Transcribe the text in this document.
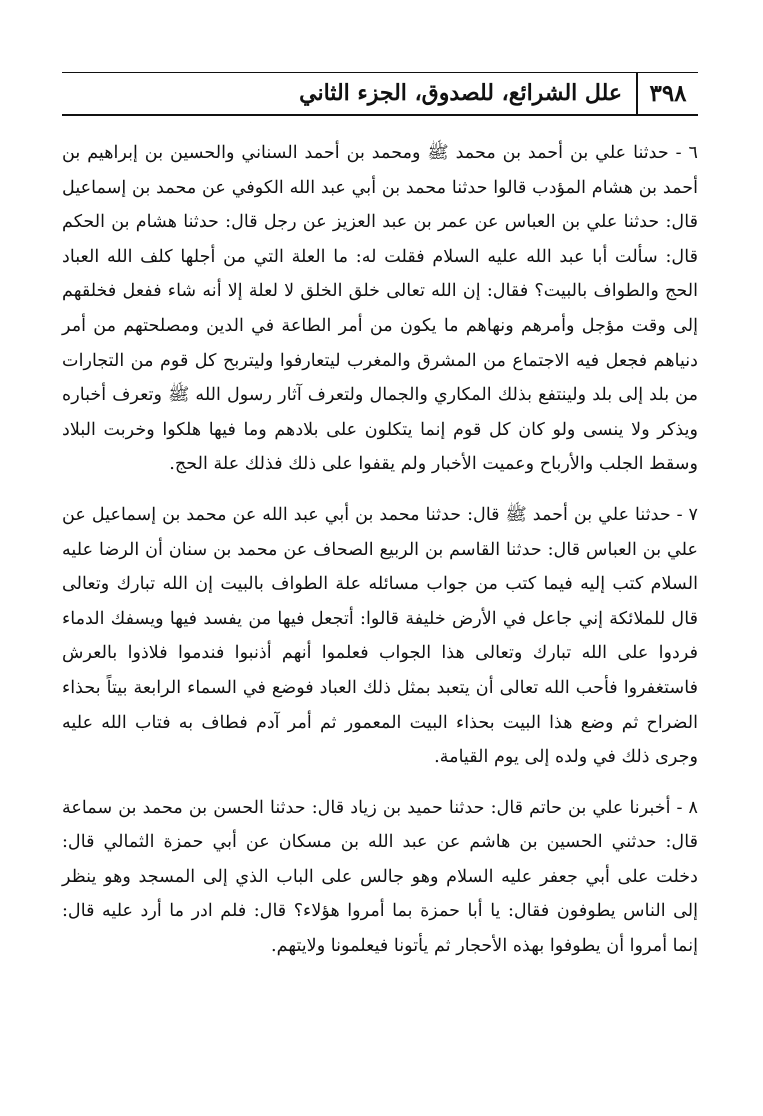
٣٩٨
علل الشرائع، للصدوق، الجزء الثاني

٦ - حدثنا علي بن أحمد بن محمد ﷺ ومحمد بن أحمد السناني والحسين بن إبراهيم بن أحمد بن هشام المؤدب قالوا حدثنا محمد بن أبي عبد الله الكوفي عن محمد بن إسماعيل قال: حدثنا علي بن العباس عن عمر بن عبد العزيز عن رجل قال: حدثنا هشام بن الحكم قال: سألت أبا عبد الله عليه السلام فقلت له: ما العلة التي من أجلها كلف الله العباد الحج والطواف بالبيت؟ فقال: إن الله تعالى خلق الخلق لا لعلة إلا أنه شاء ففعل فخلقهم إلى وقت مؤجل وأمرهم ونهاهم ما يكون من أمر الطاعة في الدين ومصلحتهم من أمر دنياهم فجعل فيه الاجتماع من المشرق والمغرب ليتعارفوا وليتربح كل قوم من التجارات من بلد إلى بلد ولينتفع بذلك المكاري والجمال ولتعرف آثار رسول الله ﷺ وتعرف أخباره ويذكر ولا ينسى ولو كان كل قوم إنما يتكلون على بلادهم وما فيها هلكوا وخربت البلاد وسقط الجلب والأرباح وعميت الأخبار ولم يقفوا على ذلك فذلك علة الحج.

٧ - حدثنا علي بن أحمد ﷺ قال: حدثنا محمد بن أبي عبد الله عن محمد بن إسماعيل عن علي بن العباس قال: حدثنا القاسم بن الربيع الصحاف عن محمد بن سنان أن الرضا عليه السلام كتب إليه فيما كتب من جواب مسائله علة الطواف بالبيت إن الله تبارك وتعالى قال للملائكة إني جاعل في الأرض خليفة قالوا: أتجعل فيها من يفسد فيها ويسفك الدماء فردوا على الله تبارك وتعالى هذا الجواب فعلموا أنهم أذنبوا فندموا فلاذوا بالعرش فاستغفروا فأحب الله تعالى أن يتعبد بمثل ذلك العباد فوضع في السماء الرابعة بيتاً بحذاء الضراح ثم وضع هذا البيت بحذاء البيت المعمور ثم أمر آدم فطاف به فتاب الله عليه وجرى ذلك في ولده إلى يوم القيامة.

٨ - أخبرنا علي بن حاتم قال: حدثنا حميد بن زياد قال: حدثنا الحسن بن محمد بن سماعة قال: حدثني الحسين بن هاشم عن عبد الله بن مسكان عن أبي حمزة الثمالي قال: دخلت على أبي جعفر عليه السلام وهو جالس على الباب الذي إلى المسجد وهو ينظر إلى الناس يطوفون فقال: يا أبا حمزة بما أمروا هؤلاء؟ قال: فلم ادر ما أرد عليه قال: إنما أمروا أن يطوفوا بهذه الأحجار ثم يأتونا فيعلمونا ولايتهم.
